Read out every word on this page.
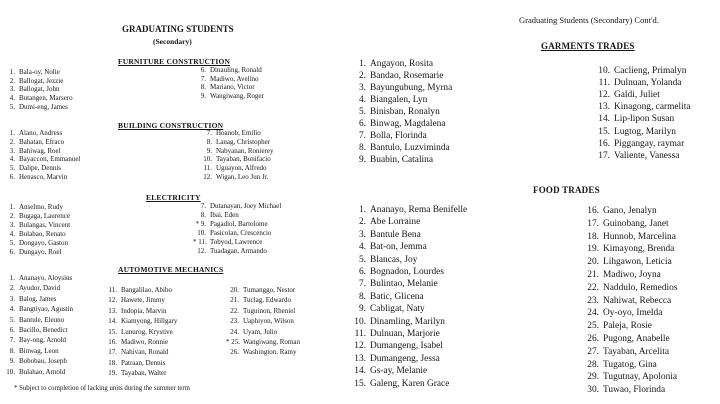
GRADUATING STUDENTS
(Secondary)
Graduating Students (Secondary) Cont'd.
FURNITURE CONSTRUCTION
BUILDING CONSTRUCTION
ELECTRICITY
AUTOMOTIVE MECHANICS
GARMENTS TRADES
FOOD TRADES
* Subject to completion of lacking units during the summer term
1. Bala-oy, Nolie
2. Ballogat, Jezzie
3. Ballogat, John
4. Butangen, Marsero
5. Dumi-eng, James
6. Dinauling, Ronald
7. Madiwo, Avelino
8. Mariano, Victor
9. Wangiwang, Roger
1. Alano, Andress
2. Bahatan, Efraco
3. Bahiwag, Roel
4. Bayaccon, Emmanuel
5. Dalipe, Dennis
6. Henasco, Marvin
7. Hoanob, Emilio
8. Lanag, Christopher
9. Nabyanan, Ronierey
10. Tayaban, Bonifacio
11. Uguayon, Alfredo
12. Wigan, Leo Jun Jr.
1. Anselmo, Rudy
2. Bugaga, Laurence
3. Bulangas, Vincent
4. Bulabao, Renato
5. Dongayo, Gaston
6. Dungayo, Roel
7. Dutanayan, Joey Michael
8. Ibai, Eden
* 9. Pagadiol, Bartolome
10. Pasicolan, Crescencio
* 11. Tobyod, Lawrence
12. Tuadagan, Armando
1. Ananayo, Aloysius
2. Ayudor, David
3. Balog, James
4. Bangtiyao, Agustin
5. Bantule, Eleuno
6. Bacillo, Benedict
7. Bay-ong, Arnold
8. Binwag, Leon
9. Bobobau, Joseph
10. Bulahao, Arnold
11. Bangalilao, Abibo
12. Hawete, Jimmy
13. Indopia, Marvin
14. Kiamyong, Hillgary
15. Lunurog, Krystive
16. Madiwo, Ronnie
17. Nahivan, Ronald
18. Patraan, Dennis
19. Tayaban, Walter
20. Tumanggo, Nestor
21. Tuclag, Edwardo
22. Tuguinon, Rheniel
23. Uaphiyon, Wilson
24. Uyam, Julio
* 25. Wangiwang, Roman
26. Washington, Ramy
1. Angayon, Rosita
2. Bandao, Rosemarie
3. Bayungubung, Myrna
4. Biangalen, Lyn
5. Binisban, Ronalyn
6. Binwag, Magdalena
7. Bolla, Florinda
8. Bantulo, Luzviminda
9. Buabin, Catalina
10. Caclieng, Primalyn
11. Dulnuan, Yolanda
12. Galdi, Juliet
13. Kinagong, carmelita
14. Lip-lipon Susan
15. Lugtog, Marilyn
16. Piggangay, raymar
17. Valiente, Vanessa
1. Ananayo, Rema Benifelle
2. Abe Lorraine
3. Bantule Bena
4. Bat-on, Jemma
5. Blancas, Joy
6. Bognadon, Lourdes
7. Bulintao, Melanie
8. Batic, Glicena
9. Cabligat, Naty
10. Dinamling, Marilyn
11. Dulnuan, Marjorie
12. Dumangeng, Isabel
13. Dumangeng, Jessa
14. Gs-ay, Melanie
15. Galeng, Karen Grace
16. Gano, Jenalyn
17. Guinobang, Janet
18. Hunnob, Marcelina
19. Kimayong, Brenda
20. Lihgawon, Leticia
21. Madiwo, Joyna
22. Naddulo, Remedios
23. Nahiwat, Rebecca
24. Oy-oyo, Imelda
25. Paleja, Rosie
26. Pugong, Anabelle
27. Tayaban, Arcelita
28. Tugatog, Gina
29. Tugutnay, Apolonia
30. Tuwao, Florinda
